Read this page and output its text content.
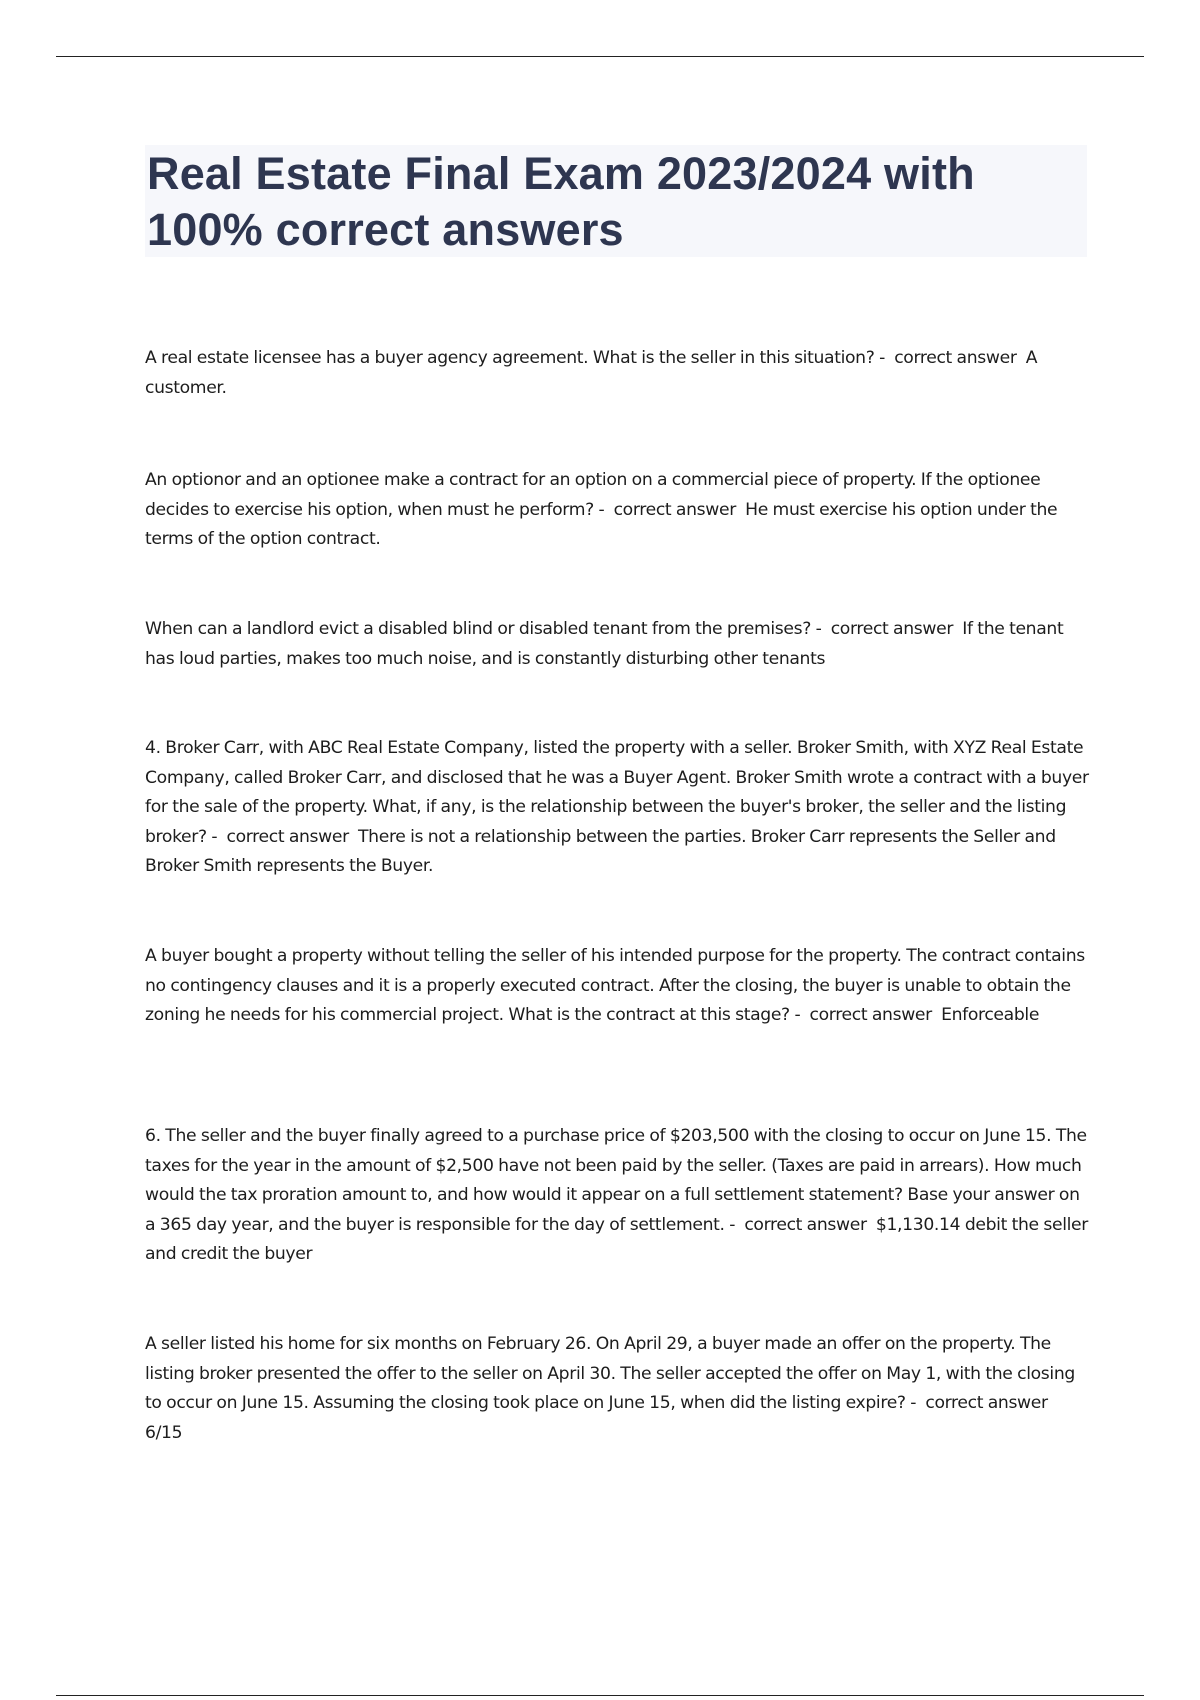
Real Estate Final Exam 2023/2024 with 100% correct answers

A real estate licensee has a buyer agency agreement. What is the seller in this situation? -  correct answer  A customer.

An optionor and an optionee make a contract for an option on a commercial piece of property. If the optionee decides to exercise his option, when must he perform? -  correct answer  He must exercise his option under the terms of the option contract.

When can a landlord evict a disabled blind or disabled tenant from the premises? -  correct answer  If the tenant has loud parties, makes too much noise, and is constantly disturbing other tenants

4. Broker Carr, with ABC Real Estate Company, listed the property with a seller. Broker Smith, with XYZ Real Estate Company, called Broker Carr, and disclosed that he was a Buyer Agent. Broker Smith wrote a contract with a buyer for the sale of the property. What, if any, is the relationship between the buyer's broker, the seller and the listing broker? -  correct answer  There is not a relationship between the parties. Broker Carr represents the Seller and Broker Smith represents the Buyer.

A buyer bought a property without telling the seller of his intended purpose for the property. The contract contains no contingency clauses and it is a properly executed contract. After the closing, the buyer is unable to obtain the zoning he needs for his commercial project. What is the contract at this stage? -  correct answer  Enforceable

6. The seller and the buyer finally agreed to a purchase price of $203,500 with the closing to occur on June 15. The taxes for the year in the amount of $2,500 have not been paid by the seller. (Taxes are paid in arrears). How much would the tax proration amount to, and how would it appear on a full settlement statement? Base your answer on a 365 day year, and the buyer is responsible for the day of settlement. -  correct answer  $1,130.14 debit the seller and credit the buyer

A seller listed his home for six months on February 26. On April 29, a buyer made an offer on the property. The listing broker presented the offer to the seller on April 30. The seller accepted the offer on May 1, with the closing to occur on June 15. Assuming the closing took place on June 15, when did the listing expire? -  correct answer  6/15
